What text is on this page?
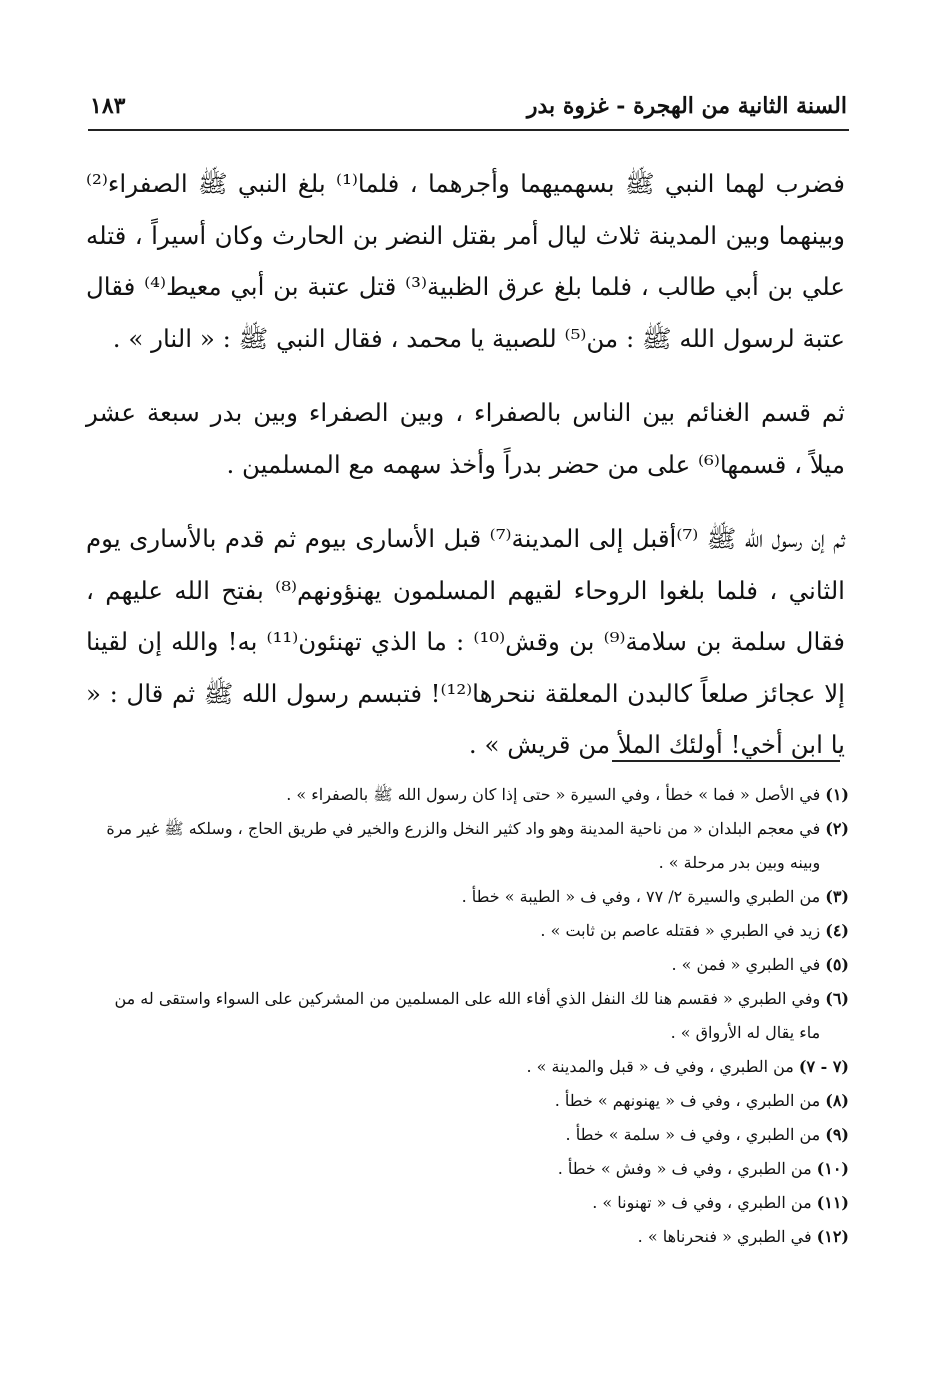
السنة الثانية من الهجرة - غزوة بدر
١٨٣

فضرب لهما النبي ﷺ بسهميهما وأجرهما ، فلما⁽¹⁾ بلغ النبي ﷺ الصفراء⁽²⁾ وبينهما وبين المدينة ثلاث ليال أمر بقتل النضر بن الحارث وكان أسيراً ، قتله علي بن أبي طالب ، فلما بلغ عرق الظبية⁽³⁾ قتل عتبة بن أبي معيط⁽⁴⁾ فقال عتبة لرسول الله ﷺ : من⁽⁵⁾ للصبية يا محمد ، فقال النبي ﷺ : « النار » .

ثم قسم الغنائم بين الناس بالصفراء ، وبين الصفراء وبين بدر سبعة عشر ميلاً ، قسمها⁽⁶⁾ على من حضر بدراً وأخذ سهمه مع المسلمين .

ثم إن رسول الله ﷺ ⁽⁷⁾أقبل إلى المدينة⁽⁷⁾ قبل الأسارى بيوم ثم قدم بالأسارى يوم الثاني ، فلما بلغوا الروحاء لقيهم المسلمون يهنؤونهم⁽⁸⁾ بفتح الله عليهم ، فقال سلمة بن سلامة⁽⁹⁾ بن وقش⁽¹⁰⁾ : ما الذي تهنئون⁽¹¹⁾ به! والله إن لقينا إلا عجائز صلعاً كالبدن المعلقة ننحرها⁽¹²⁾! فتبسم رسول الله ﷺ ثم قال : « يا ابن أخي! أولئك الملأ من قريش » .

(١)
في الأصل « فما » خطأ ، وفي السيرة « حتى إذا كان رسول الله ﷺ بالصفراء » .
(٢)
في معجم البلدان « من ناحية المدينة وهو واد كثير النخل والزرع والخير في طريق الحاج ، وسلكه ﷺ غير مرة وبينه وبين بدر مرحلة » .
(٣)
من الطبري والسيرة ٢/ ٧٧ ، وفي ف « الطيبة » خطأ .
(٤)
زيد في الطبري « فقتله عاصم بن ثابت » .
(٥)
في الطبري « فمن » .
(٦)
وفي الطبري « فقسم هنا لك النفل الذي أفاء الله على المسلمين من المشركين على السواء واستقى له من ماء يقال له الأرواق » .
(٧ - ٧)
من الطبري ، وفي ف « قبل والمدينة » .
(٨)
من الطبري ، وفي ف « يهنونهم » خطأ .
(٩)
من الطبري ، وفي ف « سلمة » خطأ .
(١٠)
من الطبري ، وفي ف « وفش » خطأ .
(١١)
من الطبري ، وفي ف « تهنونا » .
(١٢)
في الطبري « فنحرناها » .
